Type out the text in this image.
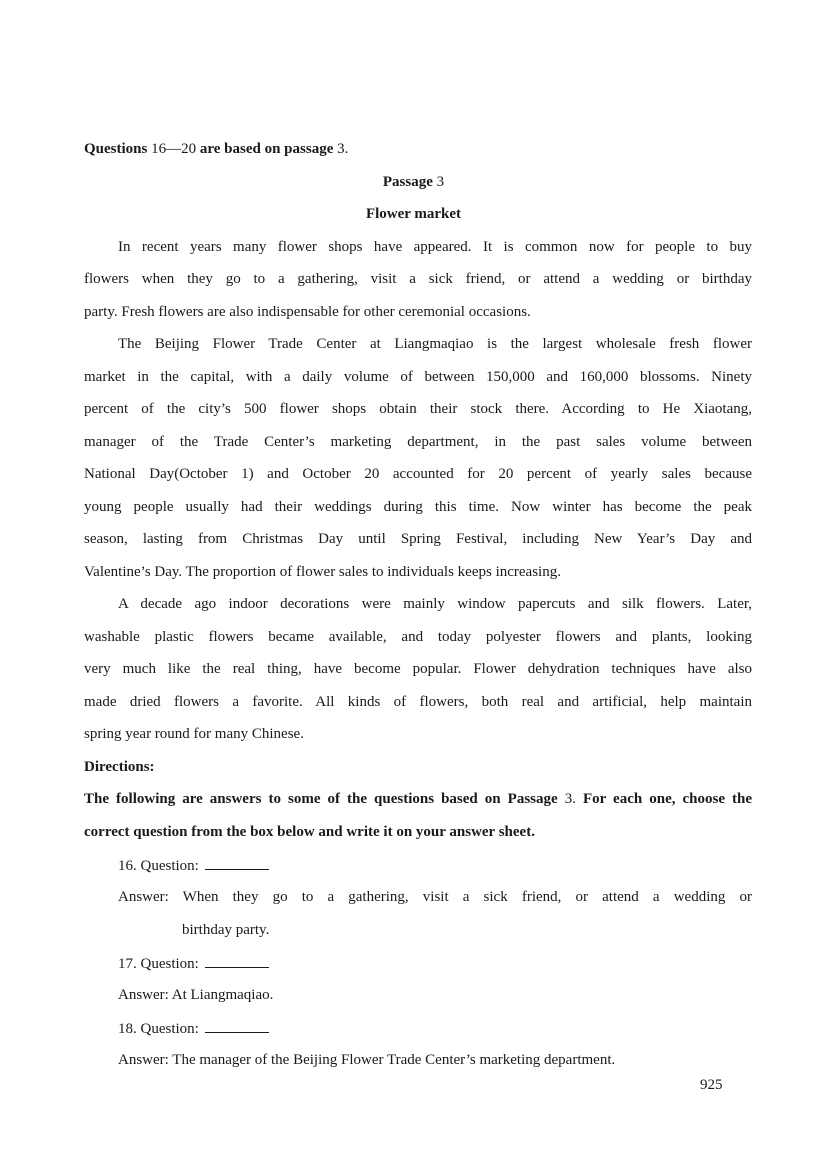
Questions 16—20 are based on passage 3.
Passage 3
Flower market
In recent years many flower shops have appeared. It is common now for people to buy
flowers when they go to a gathering, visit a sick friend, or attend a wedding or birthday
party. Fresh flowers are also indispensable for other ceremonial occasions.
The Beijing Flower Trade Center at Liangmaqiao is the largest wholesale fresh flower
market in the capital, with a daily volume of between 150,000 and 160,000 blossoms. Ninety
percent of the city’s 500 flower shops obtain their stock there. According to He Xiaotang,
manager of the Trade Center’s marketing department, in the past sales volume between
National Day(October 1) and October 20 accounted for 20 percent of yearly sales because
young people usually had their weddings during this time. Now winter has become the peak
season, lasting from Christmas Day until Spring Festival, including New Year’s Day and
Valentine’s Day. The proportion of flower sales to individuals keeps increasing.
A decade ago indoor decorations were mainly window papercuts and silk flowers. Later,
washable plastic flowers became available, and today polyester flowers and plants, looking
very much like the real thing, have become popular. Flower dehydration techniques have also
made dried flowers a favorite. All kinds of flowers, both real and artificial, help maintain
spring year round for many Chinese.
Directions:
The following are answers to some of the questions based on Passage 3. For each one, choose the
correct question from the box below and write it on your answer sheet.
16. Question:
Answer: When they go to a gathering, visit a sick friend, or attend a wedding or
birthday party.
17. Question:
Answer: At Liangmaqiao.
18. Question:
Answer: The manager of the Beijing Flower Trade Center’s marketing department.
925
